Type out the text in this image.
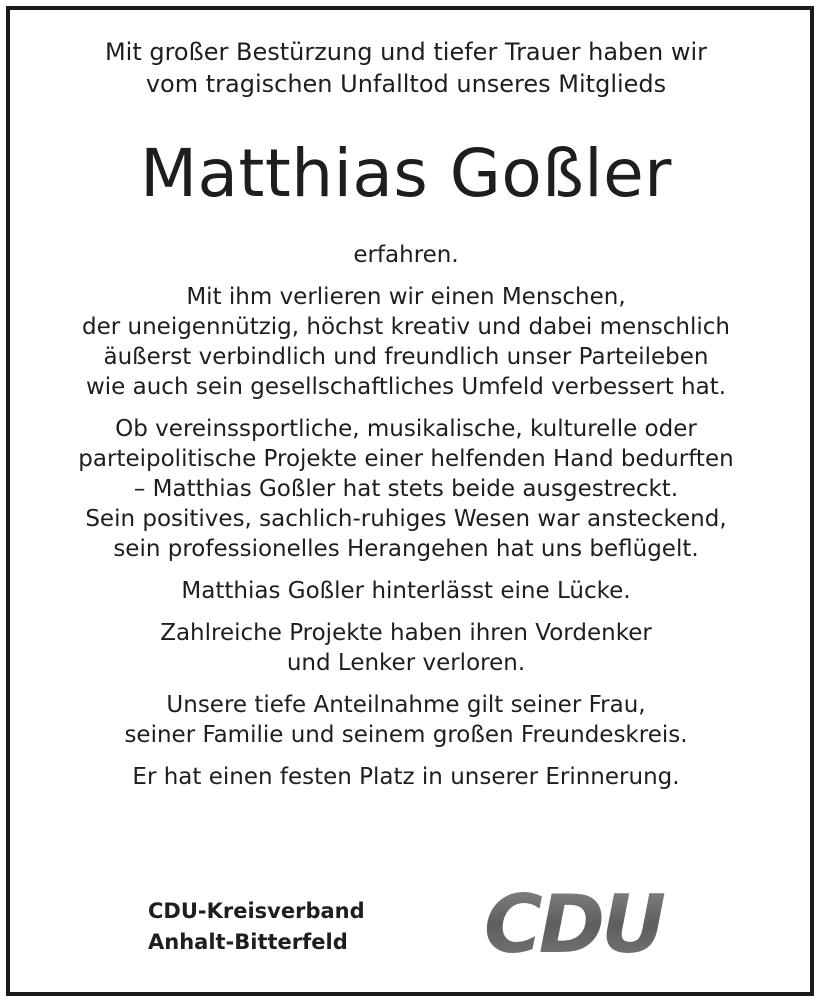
Mit großer Bestürzung und tiefer Trauer haben wir
vom tragischen Unfalltod unseres Mitglieds
Matthias Goßler
erfahren.
Mit ihm verlieren wir einen Menschen,
der uneigennützig, höchst kreativ und dabei menschlich
äußerst verbindlich und freundlich unser Parteileben
wie auch sein gesellschaftliches Umfeld verbessert hat.
Ob vereinssportliche, musikalische, kulturelle oder
parteipolitische Projekte einer helfenden Hand bedurften
– Matthias Goßler hat stets beide ausgestreckt.
Sein positives, sachlich-ruhiges Wesen war ansteckend,
sein professionelles Herangehen hat uns beflügelt.
Matthias Goßler hinterlässt eine Lücke.
Zahlreiche Projekte haben ihren Vordenker
und Lenker verloren.
Unsere tiefe Anteilnahme gilt seiner Frau,
seiner Familie und seinem großen Freundeskreis.
Er hat einen festen Platz in unserer Erinnerung.
CDU-Kreisverband
Anhalt-Bitterfeld CDU
